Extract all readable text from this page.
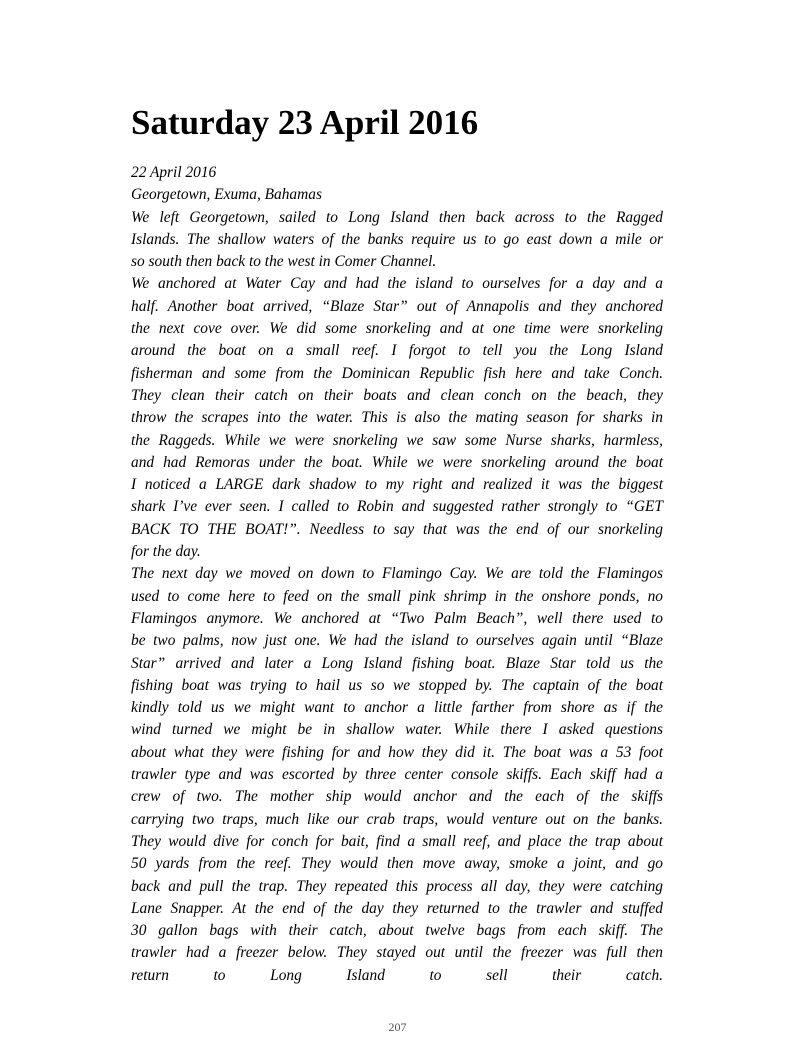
Saturday 23 April 2016
22 April 2016
Georgetown, Exuma, Bahamas
We left Georgetown, sailed to Long Island then back across to the Ragged
Islands. The shallow waters of the banks require us to go east down a mile or
so south then back to the west in Comer Channel.
We anchored at Water Cay and had the island to ourselves for a day and a
half. Another boat arrived, “Blaze Star” out of Annapolis and they anchored
the next cove over. We did some snorkeling and at one time were snorkeling
around the boat on a small reef. I forgot to tell you the Long Island
fisherman and some from the Dominican Republic fish here and take Conch.
They clean their catch on their boats and clean conch on the beach, they
throw the scrapes into the water. This is also the mating season for sharks in
the Raggeds. While we were snorkeling we saw some Nurse sharks, harmless,
and had Remoras under the boat. While we were snorkeling around the boat
I noticed a LARGE dark shadow to my right and realized it was the biggest
shark I’ve ever seen. I called to Robin and suggested rather strongly to “GET
BACK TO THE BOAT!”. Needless to say that was the end of our snorkeling
for the day.
The next day we moved on down to Flamingo Cay. We are told the Flamingos
used to come here to feed on the small pink shrimp in the onshore ponds, no
Flamingos anymore. We anchored at “Two Palm Beach”, well there used to
be two palms, now just one. We had the island to ourselves again until “Blaze
Star” arrived and later a Long Island fishing boat. Blaze Star told us the
fishing boat was trying to hail us so we stopped by. The captain of the boat
kindly told us we might want to anchor a little farther from shore as if the
wind turned we might be in shallow water. While there I asked questions
about what they were fishing for and how they did it. The boat was a 53 foot
trawler type and was escorted by three center console skiffs. Each skiff had a
crew of two. The mother ship would anchor and the each of the skiffs
carrying two traps, much like our crab traps, would venture out on the banks.
They would dive for conch for bait, find a small reef, and place the trap about
50 yards from the reef. They would then move away, smoke a joint, and go
back and pull the trap. They repeated this process all day, they were catching
Lane Snapper. At the end of the day they returned to the trawler and stuffed
30 gallon bags with their catch, about twelve bags from each skiff. The
trawler had a freezer below. They stayed out until the freezer was full then
return to Long Island to sell their catch.
207
